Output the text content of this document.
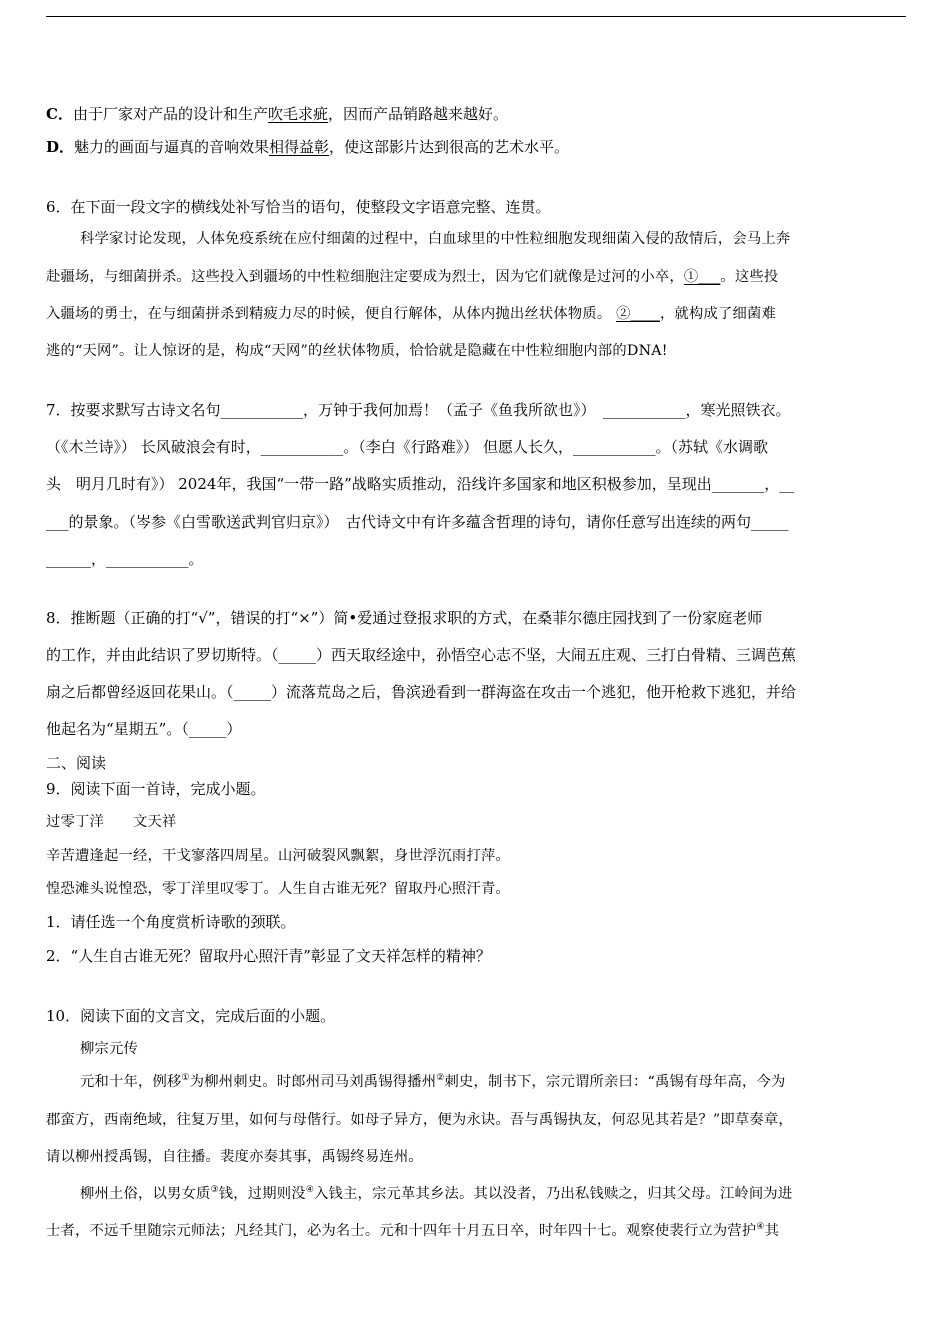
C．由于厂家对产品的设计和生产吹毛求疵，因而产品销路越来越好。
D．魅力的画面与逼真的音响效果相得益彰，使这部影片达到很高的艺术水平。
6．在下面一段文字的横线处补写恰当的语句，使整段文字语意完整、连贯。
科学家讨论发现，人体免疫系统在应付细菌的过程中，白血球里的中性粒细胞发现细菌入侵的敌情后，会马上奔
赴疆场，与细菌拼杀。这些投入到疆场的中性粒细胞注定要成为烈士，因为它们就像是过河的小卒，①___。这些投
入疆场的勇士，在与细菌拼杀到精疲力尽的时候，便自行解体，从体内抛出丝状体物质。 ②____，就构成了细菌难
逃的“天网”。让人惊讶的是，构成“天网”的丝状体物质，恰恰就是隐藏在中性粒细胞内部的DNA!
7．按要求默写古诗文名句___________，万钟于我何加焉！（孟子《鱼我所欲也》）　___________，寒光照铁衣。
（《木兰诗》） 长风破浪会有时，___________。（李白《行路难》） 但愿人长久，___________。（苏轼《水调歌
头　明月几时有》） 2024年，我国“一带一路”战略实质推动，沿线许多国家和地区积极参加，呈现出_______，__
___的景象。（岑参《白雪歌送武判官归京》）　古代诗文中有许多蕴含哲理的诗句，请你任意写出连续的两句_____
______，___________。
8．推断题（正确的打“√”，错误的打“×”）简•爱通过登报求职的方式，在桑菲尔德庄园找到了一份家庭老师
的工作，并由此结识了罗切斯特。（_____）西天取经途中，孙悟空心志不坚，大闹五庄观、三打白骨精、三调芭蕉
扇之后都曾经返回花果山。（_____）流落荒岛之后，鲁滨逊看到一群海盗在攻击一个逃犯，他开枪救下逃犯，并给
他起名为“星期五”。（_____）
二、阅读
9．阅读下面一首诗，完成小题。
过零丁洋　　文天祥
辛苦遭逢起一经，干戈寥落四周星。山河破裂风飘絮，身世浮沉雨打萍。
惶恐滩头说惶恐，零丁洋里叹零丁。人生自古谁无死？留取丹心照汗青。
1．请任选一个角度赏析诗歌的颈联。
2．“人生自古谁无死？留取丹心照汗青”彰显了文天祥怎样的精神？
10．阅读下面的文言文，完成后面的小题。
柳宗元传
元和十年，例移①为柳州刺史。时郎州司马刘禹锡得播州②刺史，制书下，宗元谓所亲曰：“禹锡有母年高，今为
郡蛮方，西南绝域，往复万里，如何与母偕行。如母子异方，便为永诀。吾与禹锡执友，何忍见其若是？”即草奏章，
请以柳州授禹锡，自往播。裴度亦奏其事，禹锡终易连州。
柳州土俗，以男女质③钱，过期则没④入钱主，宗元革其乡法。其以没者，乃出私钱赎之，归其父母。江岭间为进
士者，不远千里随宗元师法；凡经其门，必为名士。元和十四年十月五日卒，时年四十七。观察使裴行立为营护④其
